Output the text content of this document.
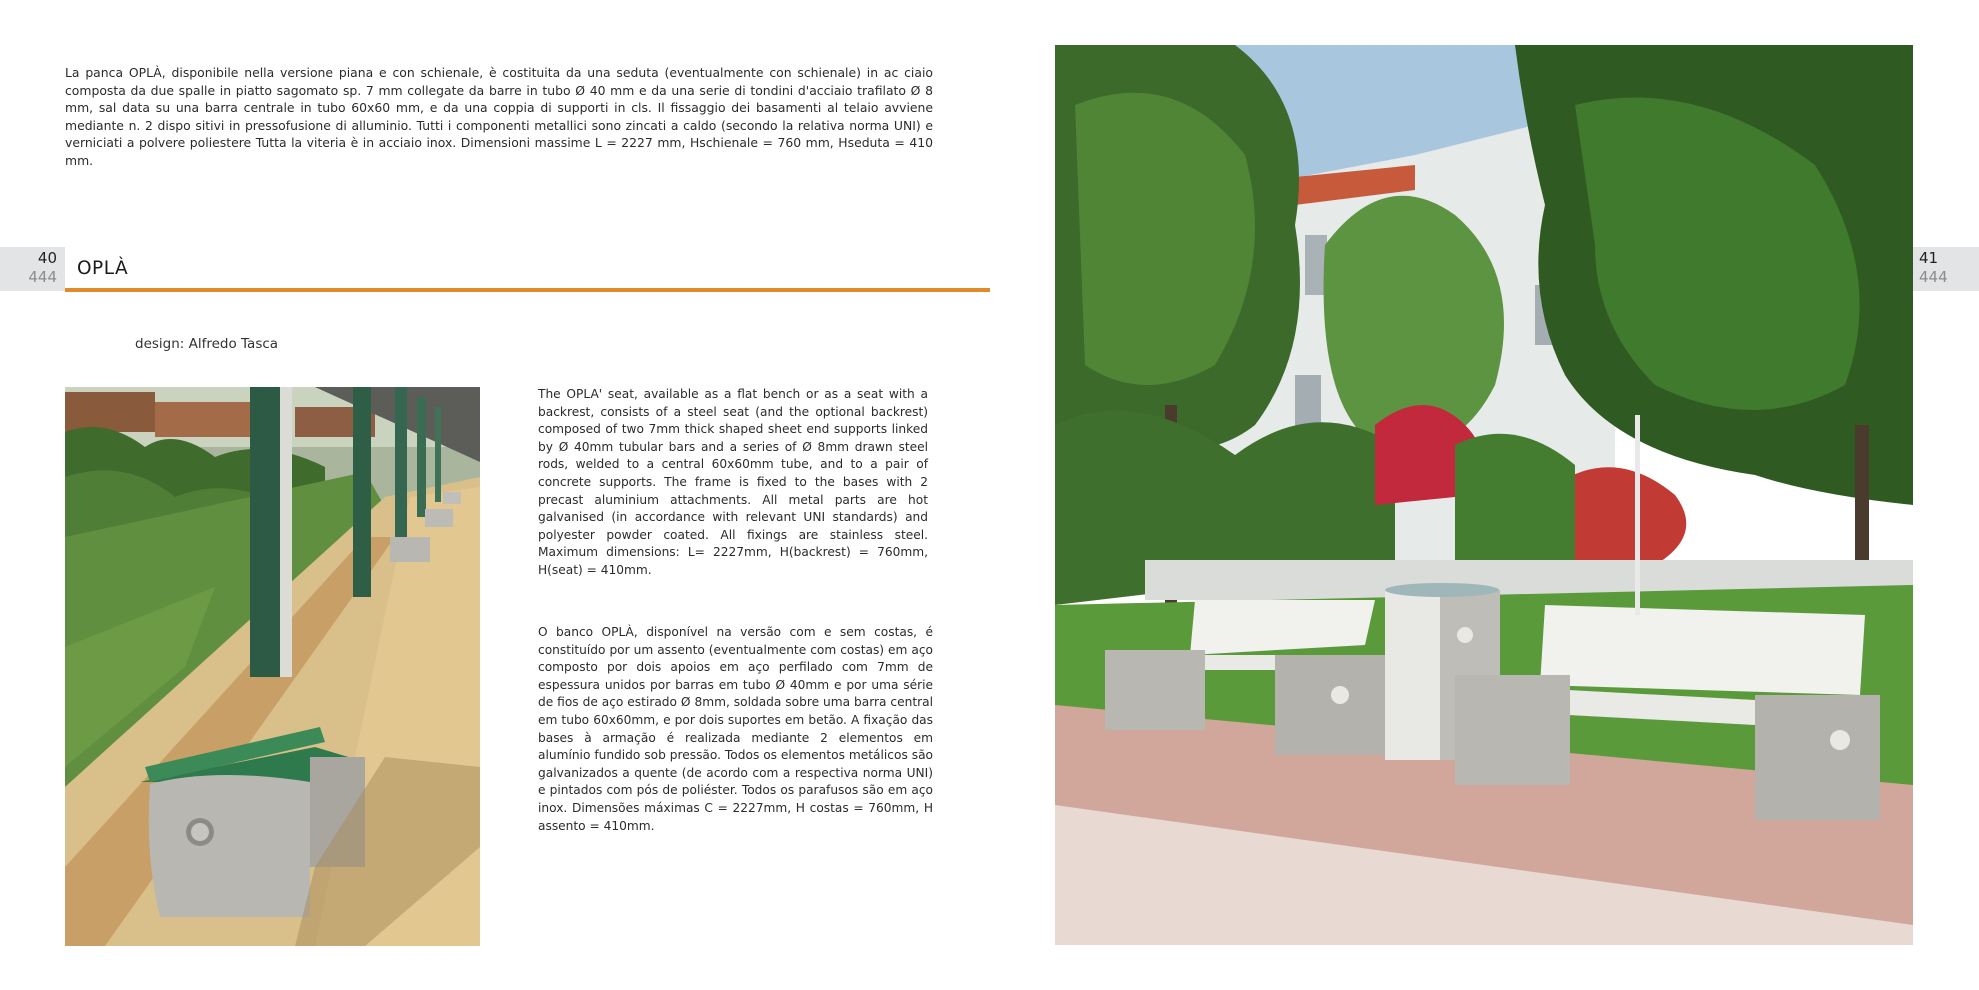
La panca OPLÀ, disponibile nella versione piana e con schienale, è costituita da una seduta (eventualmente con schienale) in ac ciaio composta da due spalle in piatto sagomato sp. 7 mm collegate da barre in tubo Ø 40 mm e da una serie di tondini d'acciaio trafilato Ø 8 mm, sal data su una barra centrale in tubo 60x60 mm, e da una coppia di supporti in cls. Il fissaggio dei basamenti al telaio avviene mediante n. 2 dispo sitivi in pressofusione di alluminio. Tutti i componenti metallici sono zincati a caldo (secondo la relativa norma UNI) e verniciati a polvere poliestere Tutta la viteria è in acciaio inox. Dimensioni massime L = 2227 mm, Hschienale = 760 mm, Hseduta = 410 mm.
40
444 OPLÀ
design: Alfredo Tasca
The OPLA' seat, available as a flat bench or as a seat with a backrest, consists of a steel seat (and the optional backrest) composed of two 7mm thick shaped sheet end supports linked by Ø 40mm tubular bars and a series of Ø 8mm drawn steel rods, welded to a central 60x60mm tube, and to a pair of concrete supports. The frame is fixed to the bases with 2 precast aluminium attachments. All metal parts are hot galvanised (in accordance with relevant UNI standards) and polyester powder coated. All fixings are stainless steel. Maximum dimensions: L= 2227mm, H(backrest) = 760mm, H(seat) = 410mm.
O banco OPLÀ, disponível na versão com e sem costas, é constituído por um assento (eventualmente com costas) em aço composto por dois apoios em aço perfilado com 7mm de espessura unidos por barras em tubo Ø 40mm e por uma série de fios de aço estirado Ø 8mm, soldada sobre uma barra central em tubo 60x60mm, e por dois suportes em betão. A fixação das bases à armação é realizada mediante 2 elementos em alumínio fundido sob pressão. Todos os elementos metálicos são galvanizados a quente (de acordo com a respectiva norma UNI) e pintados com pós de poliéster. Todos os parafusos são em aço inox. Dimensões máximas C = 2227mm, H costas = 760mm, H assento = 410mm.
41
444
